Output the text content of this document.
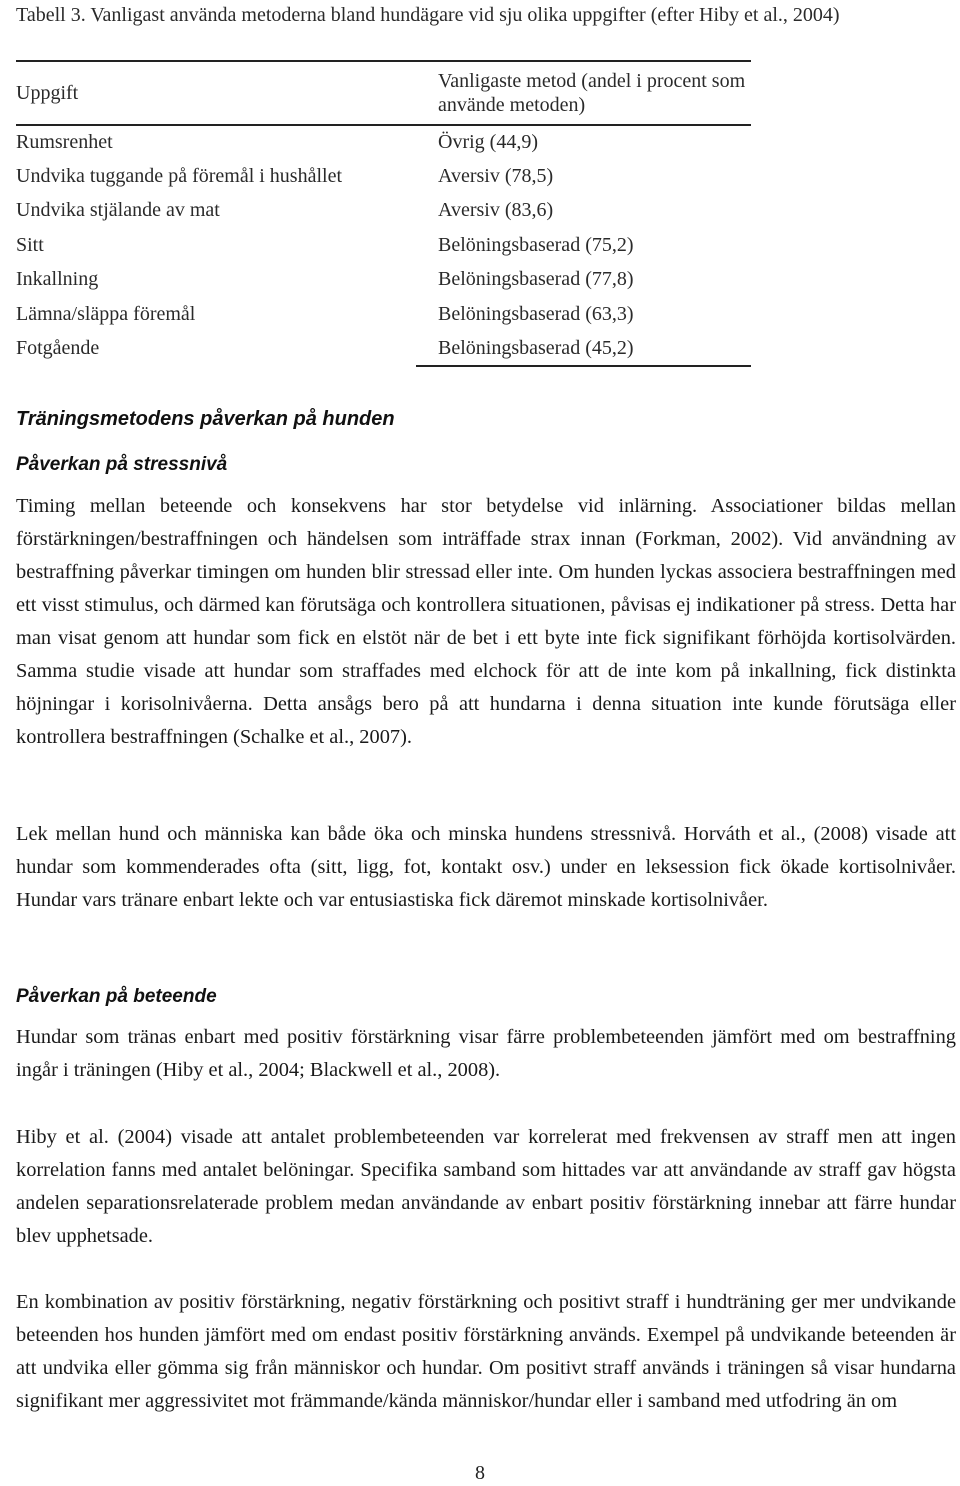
Tabell 3. Vanligast använda metoderna bland hundägare vid sju olika uppgifter (efter Hiby et al., 2004)

Uppgift	Vanligaste metod (andel i procent som använde metoden)
Rumsrenhet	Övrig (44,9)
Undvika tuggande på föremål i hushållet	Aversiv (78,5)
Undvika stjälande av mat	Aversiv (83,6)
Sitt	Belöningsbaserad (75,2)
Inkallning	Belöningsbaserad (77,8)
Lämna/släppa föremål	Belöningsbaserad (63,3)
Fotgående	Belöningsbaserad (45,2)
Träningsmetodens påverkan på hunden
Påverkan på stressnivå

Timing mellan beteende och konsekvens har stor betydelse vid inlärning. Associationer bildas mellan förstärkningen/bestraffningen och händelsen som inträffade strax innan (Forkman, 2002). Vid användning av bestraffning påverkar timingen om hunden blir stressad eller inte. Om hunden lyckas associera bestraffningen med ett visst stimulus, och därmed kan förutsäga och kontrollera situationen, påvisas ej indikationer på stress. Detta har man visat genom att hundar som fick en elstöt när de bet i ett byte inte fick signifikant förhöjda kortisolvärden. Samma studie visade att hundar som straffades med elchock för att de inte kom på inkallning, fick distinkta höjningar i korisolnivåerna. Detta ansågs bero på att hundarna i denna situation inte kunde förutsäga eller kontrollera bestraffningen (Schalke et al., 2007).

Lek mellan hund och människa kan både öka och minska hundens stressnivå. Horváth et al., (2008) visade att hundar som kommenderades ofta (sitt, ligg, fot, kontakt osv.) under en leksession fick ökade kortisolnivåer. Hundar vars tränare enbart lekte och var entusiastiska fick däremot minskade kortisolnivåer.

Påverkan på beteende

Hundar som tränas enbart med positiv förstärkning visar färre problembeteenden jämfört med om bestraffning ingår i träningen (Hiby et al., 2004; Blackwell et al., 2008).

Hiby et al. (2004) visade att antalet problembeteenden var korrelerat med frekvensen av straff men att ingen korrelation fanns med antalet belöningar. Specifika samband som hittades var att användande av straff gav högsta andelen separationsrelaterade problem medan användande av enbart positiv förstärkning innebar att färre hundar blev upphetsade.

En kombination av positiv förstärkning, negativ förstärkning och positivt straff i hundträning ger mer undvikande beteenden hos hunden jämfört med om endast positiv förstärkning används. Exempel på undvikande beteenden är att undvika eller gömma sig från människor och hundar. Om positivt straff används i träningen så visar hundarna signifikant mer aggressivitet mot främmande/kända människor/hundar eller i samband med utfodring än om

8
